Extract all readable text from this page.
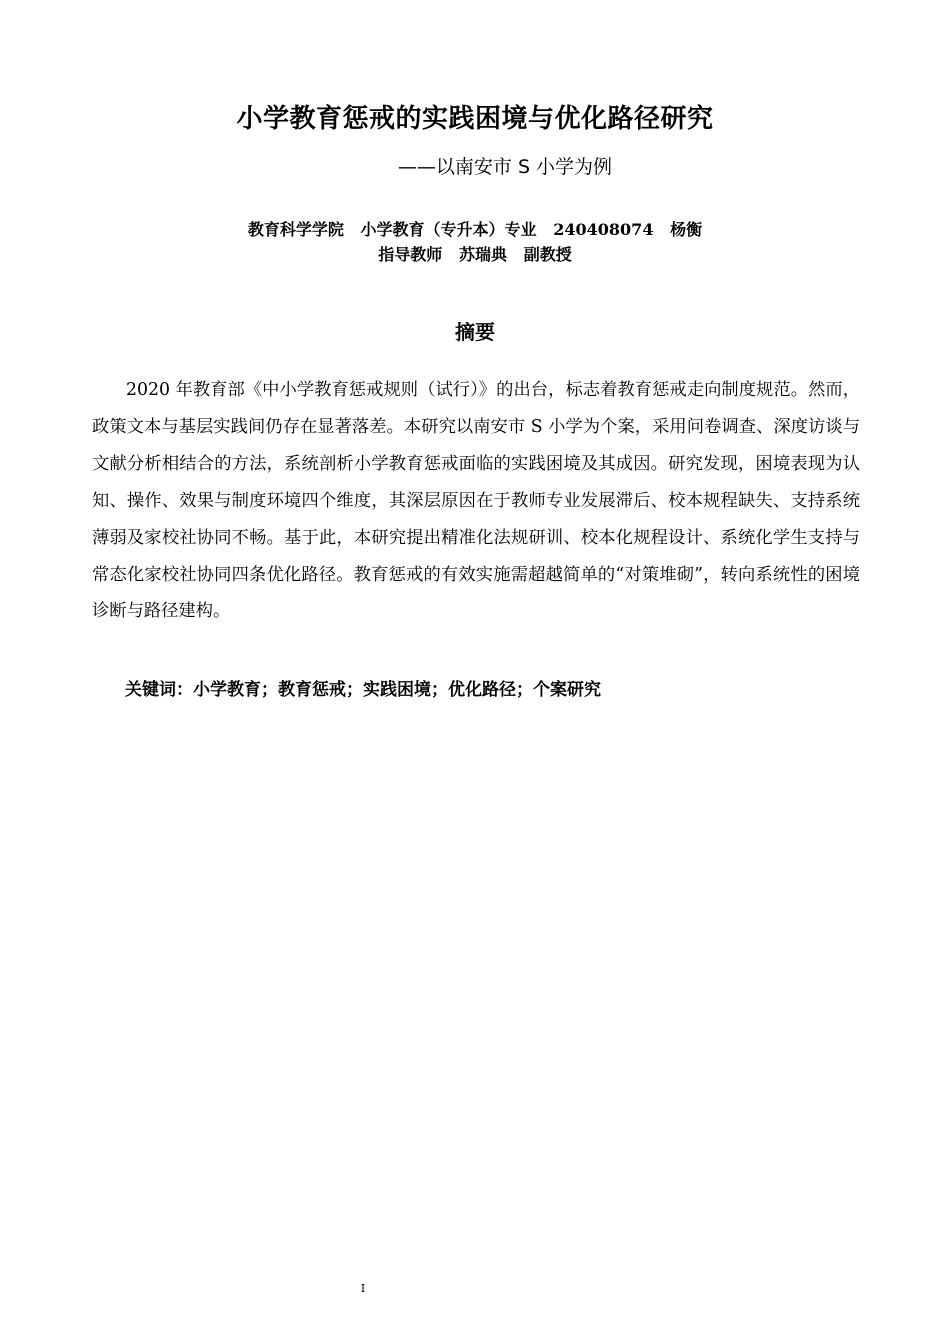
小学教育惩戒的实践困境与优化路径研究
——以南安市 S 小学为例
教育科学学院   小学教育（专升本）专业   240408074   杨衡
指导教师   苏瑞典   副教授
摘要

2020 年教育部《中小学教育惩戒规则（试行）》的出台，标志着教育惩戒走向制度规范。然而，政策文本与基层实践间仍存在显著落差。本研究以南安市 S 小学为个案，采用问卷调查、深度访谈与文献分析相结合的方法，系统剖析小学教育惩戒面临的实践困境及其成因。研究发现，困境表现为认知、操作、效果与制度环境四个维度，其深层原因在于教师专业发展滞后、校本规程缺失、支持系统薄弱及家校社协同不畅。基于此，本研究提出精准化法规研训、校本化规程设计、系统化学生支持与常态化家校社协同四条优化路径。教育惩戒的有效实施需超越简单的“对策堆砌”，转向系统性的困境诊断与路径建构。

关键词：小学教育；教育惩戒；实践困境；优化路径；个案研究
I
